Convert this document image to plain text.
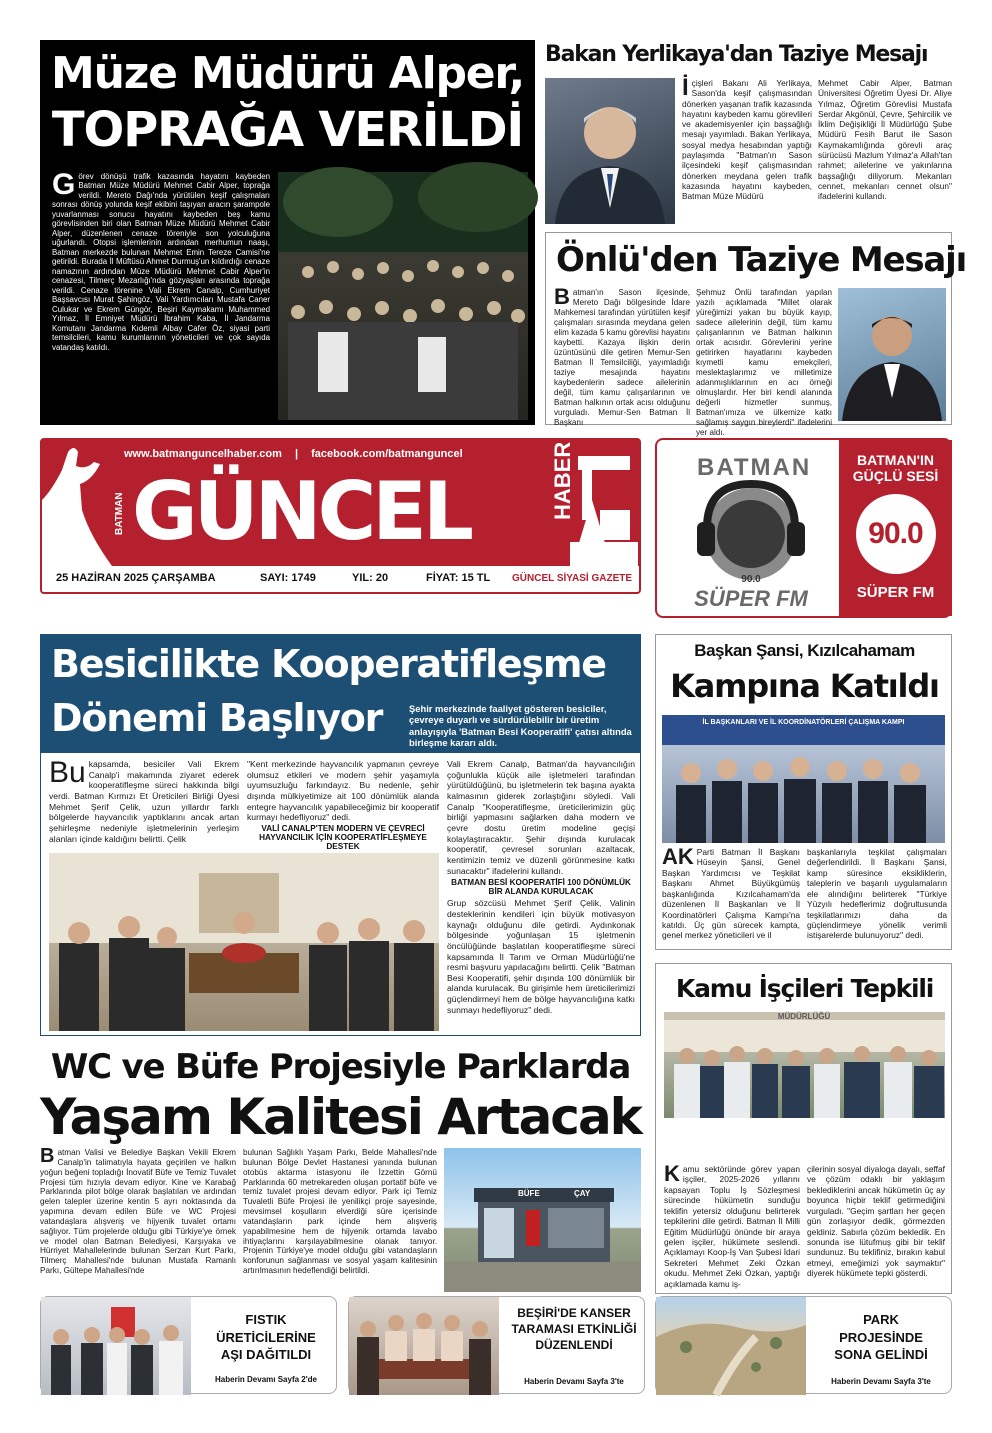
Müze Müdürü Alper,
TOPRAĞA VERİLDİ
G örev dönüşü trafik kazasında hayatını kaybeden Batman Müze Müdürü Mehmet Cabir Alper, toprağa verildi. Mereto Dağı'nda yürütülen keşif çalışmaları sonrası dönüş yolunda keşif ekibini taşıyan aracın şarampole yuvarlanması sonucu hayatını kaybeden beş kamu görevlisinden biri olan Batman Müze Müdürü Mehmet Cabir Alper, düzenlenen cenaze töreniyle son yolculuğuna uğurlandı. Otopsi işlemlerinin ardından merhumun naaşı, Batman merkezde bulunan Mehmet Emin Tereze Camisi'ne getirildi. Burada İl Müftüsü Ahmet Durmuş'un kıldırdığı cenaze namazının ardından Müze Müdürü Mehmet Cabir Alper'in cenazesi, Tilmerç Mezarlığı'nda gözyaşları arasında toprağa verildi. Cenaze törenine Vali Ekrem Canalp, Cumhuriyet Başsavcısı Murat Şahingöz, Vali Yardımcıları Mustafa Caner Culukar ve Ekrem Güngör, Beşiri Kaymakamı Muhammed Yılmaz, İl Emniyet Müdürü İbrahim Kaba, İl Jandarma Komutanı Jandarma Kıdemli Albay Cafer Öz, siyasi parti temsilcileri, kamu kurumlarının yöneticileri ve çok sayıda vatandaş katıldı.
Bakan Yerlikaya'dan Taziye Mesajı
İçişleri Bakanı Ali Yerlikaya, Sason'da keşif çalışmasından dönerken yaşanan trafik kazasında hayatını kaybeden kamu görevlileri ve akademisyenler için başsağlığı mesajı yayımladı. Bakan Yerlikaya, sosyal medya hesabından yaptığı paylaşımda "Batman'ın Sason ilçesindeki keşif çalışmasından dönerken meydana gelen trafik kazasında hayatını kaybeden, Batman Müze Müdürü
Mehmet Cabir Alper, Batman Üniversitesi Öğretim Üyesi Dr. Aliye Yılmaz, Öğretim Görevlisi Mustafa Serdar Akgönül, Çevre, Şehircilik ve İklim Değişikliği İl Müdürlüğü Şube Müdürü Fesih Barut ile Sason Kaymakamlığında görevli araç sürücüsü Mazlum Yılmaz'a Allah'tan rahmet; ailelerine ve yakınlarına başsağlığı diliyorum. Mekanları cennet, mekanları cennet olsun" ifadelerini kullandı.
Önlü'den Taziye Mesajı
Batman'ın Sason ilçesinde, Mereto Dağı bölgesinde İdare Mahkemesi tarafından yürütülen keşif çalışmaları sırasında meydana gelen elim kazada 5 kamu görevlisi hayatını kaybetti. Kazaya ilişkin derin üzüntüsünü dile getiren Memur-Sen Batman İl Temsilciliği, yayımladığı taziye mesajında hayatını kaybedenlerin sadece ailelerinin değil, tüm kamu çalışanlarının ve Batman halkının ortak acısı olduğunu vurguladı. Memur-Sen Batman İl Başkanı
Şehmuz Önlü tarafından yapılan yazılı açıklamada "Millet olarak yüreğimizi yakan bu büyük kayıp, sadece ailelerinin değil, tüm kamu çalışanlarının ve Batman halkının ortak acısıdır. Görevlerini yerine getirirken hayatlarını kaybeden kıymetli kamu emekçileri, meslektaşlarımız ve milletimize adanmışlıklarının en acı örneği olmuşlardır. Her biri kendi alanında değerli hizmetler sunmuş, Batman'ımıza ve ülkemize katkı sağlamış saygın bireylerdi" ifadelerini yer aldı.
www.batmanguncelhaber.com | facebook.com/batmanguncel
BATMAN GÜNCEL	HABER
25 HAZİRAN 2025 ÇARŞAMBA	SAYI: 1749	YIL: 20	FİYAT: 15 TL GÜNCEL SİYASİ GAZETE
BATMAN
90.0
SÜPER FM
BATMAN'IN
GÜÇLÜ SESİ
90.0
SÜPER FM
Besicilikte Kooperatifleşme
Dönemi Başlıyor	Şehir merkezinde faaliyet gösteren besiciler, çevreye duyarlı ve sürdürülebilir bir üretim anlayışıyla 'Batman Besi Kooperatifi' çatısı altında birleşme kararı aldı.
Bu kapsamda, besiciler Vali Ekrem Canalp'i makamında ziyaret ederek kooperatifleşme süreci hakkında bilgi verdi. Batman Kırmızı Et Üreticileri Birliği Üyesi Mehmet Şerif Çelik, uzun yıllardır farklı bölgelerde hayvancılık yaptıklarını ancak artan şehirleşme nedeniyle işletmelerinin yerleşim alanları içinde kaldığını belirtti. Çelik
"Kent merkezinde hayvancılık yapmanın çevreye olumsuz etkileri ve modern şehir yaşamıyla uyumsuzluğu farkındayız. Bu nedenle, şehir dışında mülkiyetimize ait 100 dönümlük alanda entegre hayvancılık yapabileceğimiz bir kooperatif kurmayı hedefliyoruz" dedi.
VALİ CANALP'TEN MODERN VE ÇEVRECİ HAYVANCILIK İÇİN KOOPERATİFLEŞMEYE DESTEK
Vali Ekrem Canalp, Batman'da hayvancılığın çoğunlukla küçük aile işletmeleri tarafından yürütüldüğünü, bu işletmelerin tek başına ayakta kalmasının giderek zorlaştığını söyledi. Vali Canalp "Kooperatifleşme, üreticilerimizin güç birliği yapmasını sağlarken daha modern ve çevre dostu üretim modeline geçişi kolaylaştıracaktır. Şehir dışında kurulacak kooperatif, çevresel sorunları azaltacak, kentimizin temiz ve düzenli görünmesine katkı sunacaktır" ifadelerini kullandı.
BATMAN BESİ KOOPERATİFİ 100 DÖNÜMLÜK BİR ALANDA KURULACAK
Grup sözcüsü Mehmet Şerif Çelik, Valinin desteklerinin kendileri için büyük motivasyon kaynağı olduğunu dile getirdi. Aydınkonak bölgesinde yoğunlaşan 15 işletmenin öncülüğünde başlatılan kooperatifleşme süreci kapsamında İl Tarım ve Orman Müdürlüğü'ne resmi başvuru yapılacağını belirtti. Çelik "Batman Besi Kooperatifi, şehir dışında 100 dönümlük bir alanda kurulacak. Bu girişimle hem üreticilerimizi güçlendirmeyi hem de bölge hayvancılığına katkı sunmayı hedefliyoruz" dedi.
Başkan Şansi, Kızılcahamam
Kampına Katıldı
İL BAŞKANLARI VE İL KOORDİNATÖRLERİ ÇALIŞMA KAMPI
AK Parti Batman İl Başkanı Hüseyin Şansi, Genel Başkan Yardımcısı ve Teşkilat Başkanı Ahmet Büyükgümüş başkanlığında Kızılcahamam'da düzenlenen İl Başkanları ve İl Koordinatörleri Çalışma Kampı'na katıldı. Üç gün sürecek kampta, genel merkez yöneticileri ve il
başkanlarıyla teşkilat çalışmaları değerlendirildi. İl Başkanı Şansi, kamp süresince eksikliklerin, taleplerin ve başarılı uygulamaların ele alındığını belirterek "Türkiye Yüzyılı hedeflerimiz doğrultusunda teşkilatlarımızı daha da güçlendirmeye yönelik verimli istişarelerde bulunuyoruz" dedi.
Kamu İşçileri Tepkili
MÜDÜRLÜĞÜ
Kamu sektöründe görev yapan işçiler, 2025-2026 yıllarını kapsayan Toplu İş Sözleşmesi sürecinde hükümetin sunduğu teklifin yetersiz olduğunu belirterek tepkilerini dile getirdi. Batman İl Milli Eğitim Müdürlüğü önünde bir araya gelen işçiler, hükümete seslendi. Açıklamayı Koop-İş Van Şubesi İdari Sekreteri Mehmet Zeki Özkan okudu. Mehmet Zeki Özkan, yaptığı açıklamada kamu iş-
çilerinin sosyal diyaloga dayalı, seffaf ve çözüm odaklı bir yaklaşım beklediklerini ancak hükümetin üç ay boyunca hiçbir teklif getirmediğini vurguladı. "Geçim şartları her geçen gün zorlaşıyor dedik, görmezden geldiniz. Sabırla çözüm bekledik. En sonunda ise lütufmuş gibi bir teklif sundunuz. Bu teklifiniz, bırakın kabul etmeyi, emeğimizi yok saymaktır" diyerek hükümete tepki gösterdi.
WC ve Büfe Projesiyle Parklarda
Yaşam Kalitesi Artacak
Batman Valisi ve Belediye Başkan Vekili Ekrem Canalp'in talimatıyla hayata geçirilen ve halkın yoğun beğeni topladığı İnovatif Büfe ve Temiz Tuvalet Projesi tüm hızıyla devam ediyor. Kine ve Karabağ Parklarında pilot bölge olarak başlatılan ve ardından gelen talepler üzerine kentin 5 ayrı noktasında da yapımına devam edilen Büfe ve WC Projesi vatandaşlara alışveriş ve hijyenik tuvalet ortamı sağlıyor. Tüm projelerde olduğu gibi Türkiye'ye örnek ve model olan Batman Belediyesi, Karşıyaka ve Hürriyet Mahallelerinde bulunan Serzan Kurt Parkı, Tilmerç Mahallesi'nde bulunan Mustafa Ramanlı Parkı, Gültepe Mahallesi'nde
bulunan Sağlıklı Yaşam Parkı, Belde Mahallesi'nde bulunan Bölge Devlet Hastanesi yanında bulunan otobüs aktarma istasyonu ile İzzettin Görnü Parklarında 60 metrekareden oluşan portatif büfe ve temiz tuvalet projesi devam ediyor. Park içi Temiz Tuvaletli Büfe Projesi ile yenilikçi proje sayesinde, mevsimsel koşulların elverdiği süre içerisinde vatandaşların park içinde hem alışveriş yapabilmesine hem de hijyenik ortamda lavabo ihtiyaçlarını karşılayabilmesine olanak tanıyor. Projenin Türkiye'ye model olduğu gibi vatandaşların konforunun sağlanması ve sosyal yaşam kalitesinin artırılmasının hedeflendiği belirtildi.
BÜFE	ÇAY
FISTIK ÜRETİCİLERİNE AŞI DAĞITILDI
Haberin Devamı Sayfa 2'de
BEŞİRİ'DE KANSER TARAMASI ETKİNLİĞİ DÜZENLENDİ
Haberin Devamı Sayfa 3'te
PARK PROJESİNDE SONA GELİNDİ
Haberin Devamı Sayfa 3'te
